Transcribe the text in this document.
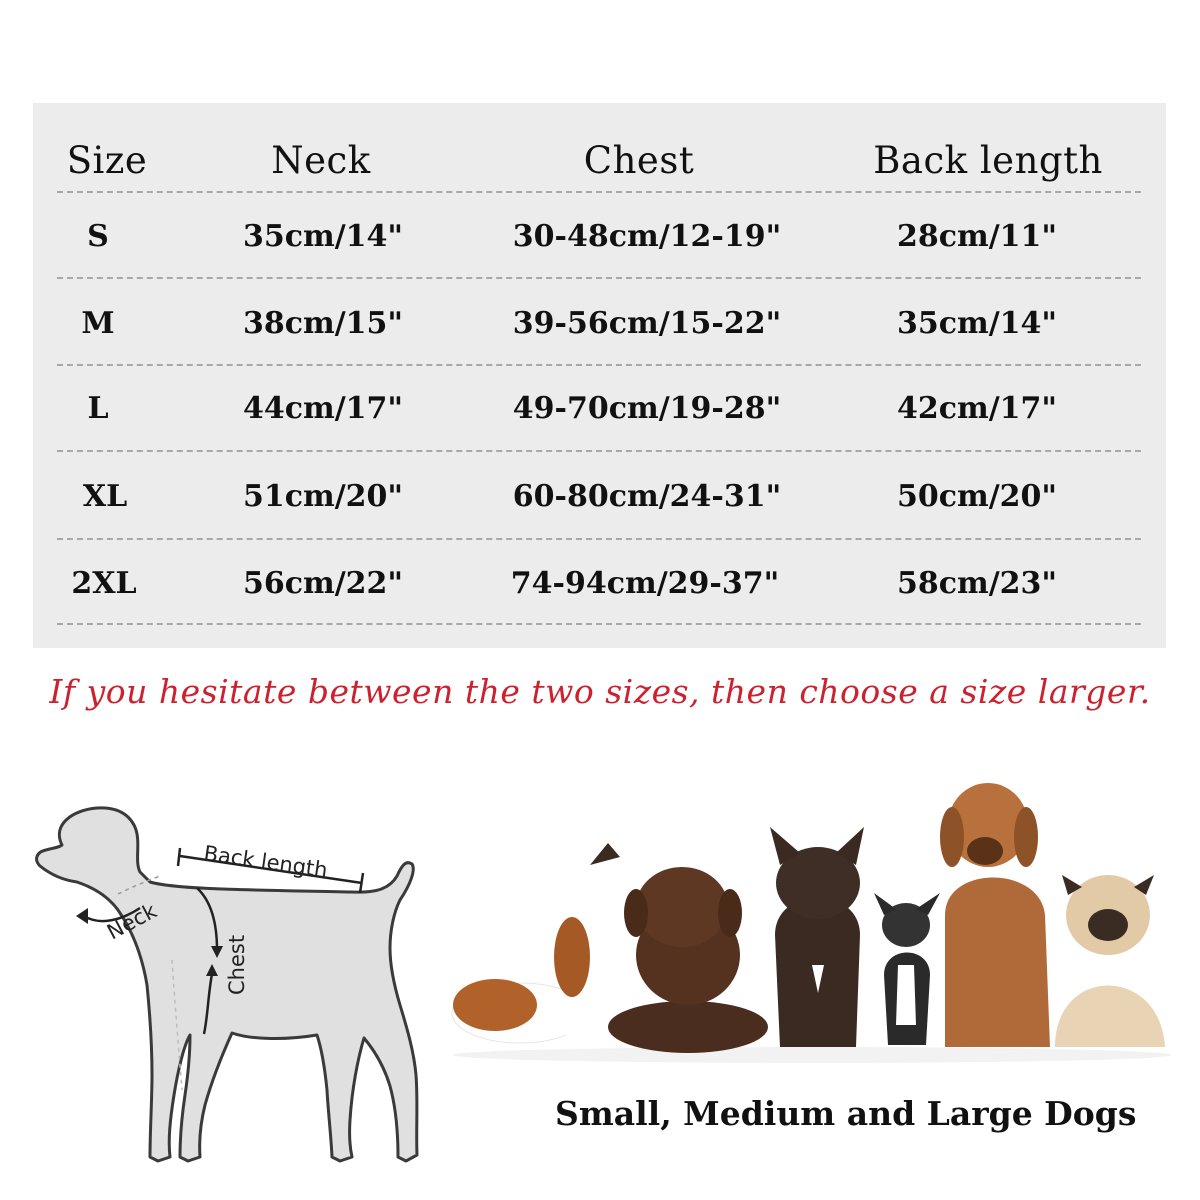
Size	Neck	Chest	Back length
S	35cm/14"	30-48cm/12-19"	28cm/11"
M	38cm/15"	39-56cm/15-22"	35cm/14"
L	44cm/17"	49-70cm/19-28"	42cm/17"
XL	51cm/20"	60-80cm/24-31"	50cm/20"
2XL	56cm/22"	74-94cm/29-37"	58cm/23"
If you hesitate between the two sizes, then choose a size larger.
Back length
Neck
Chest
Small, Medium and Large Dogs
